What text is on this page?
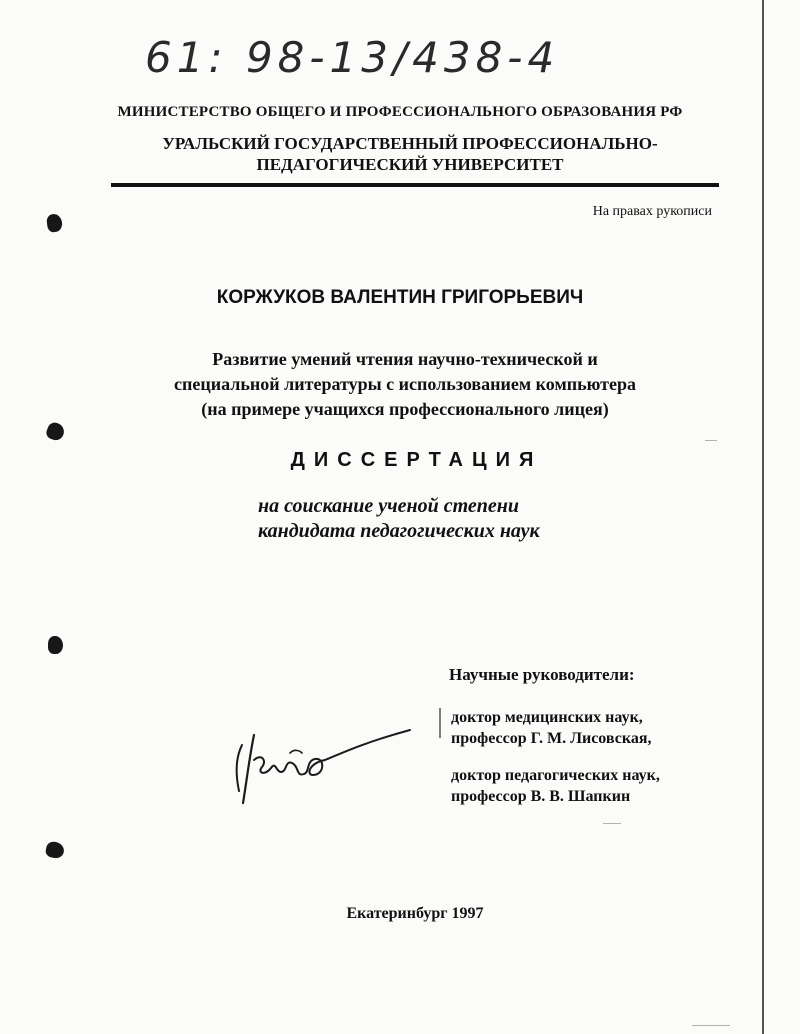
61: 98-13/438-4
МИНИСТЕРСТВО ОБЩЕГО И ПРОФЕССИОНАЛЬНОГО ОБРАЗОВАНИЯ РФ
УРАЛЬСКИЙ ГОСУДАРСТВЕННЫЙ ПРОФЕССИОНАЛЬНО-
ПЕДАГОГИЧЕСКИЙ УНИВЕРСИТЕТ
На правах рукописи
КОРЖУКОВ ВАЛЕНТИН ГРИГОРЬЕВИЧ
Развитие умений чтения научно-технической и
специальной литературы с использованием компьютера
(на примере учащихся профессионального лицея)
ДИССЕРТАЦИЯ
на соискание ученой степени
кандидата педагогических наук
Научные руководители:
доктор медицинских наук,
профессор Г. М. Лисовская,
доктор педагогических наук,
профессор В. В. Шапкин
Екатеринбург 1997
